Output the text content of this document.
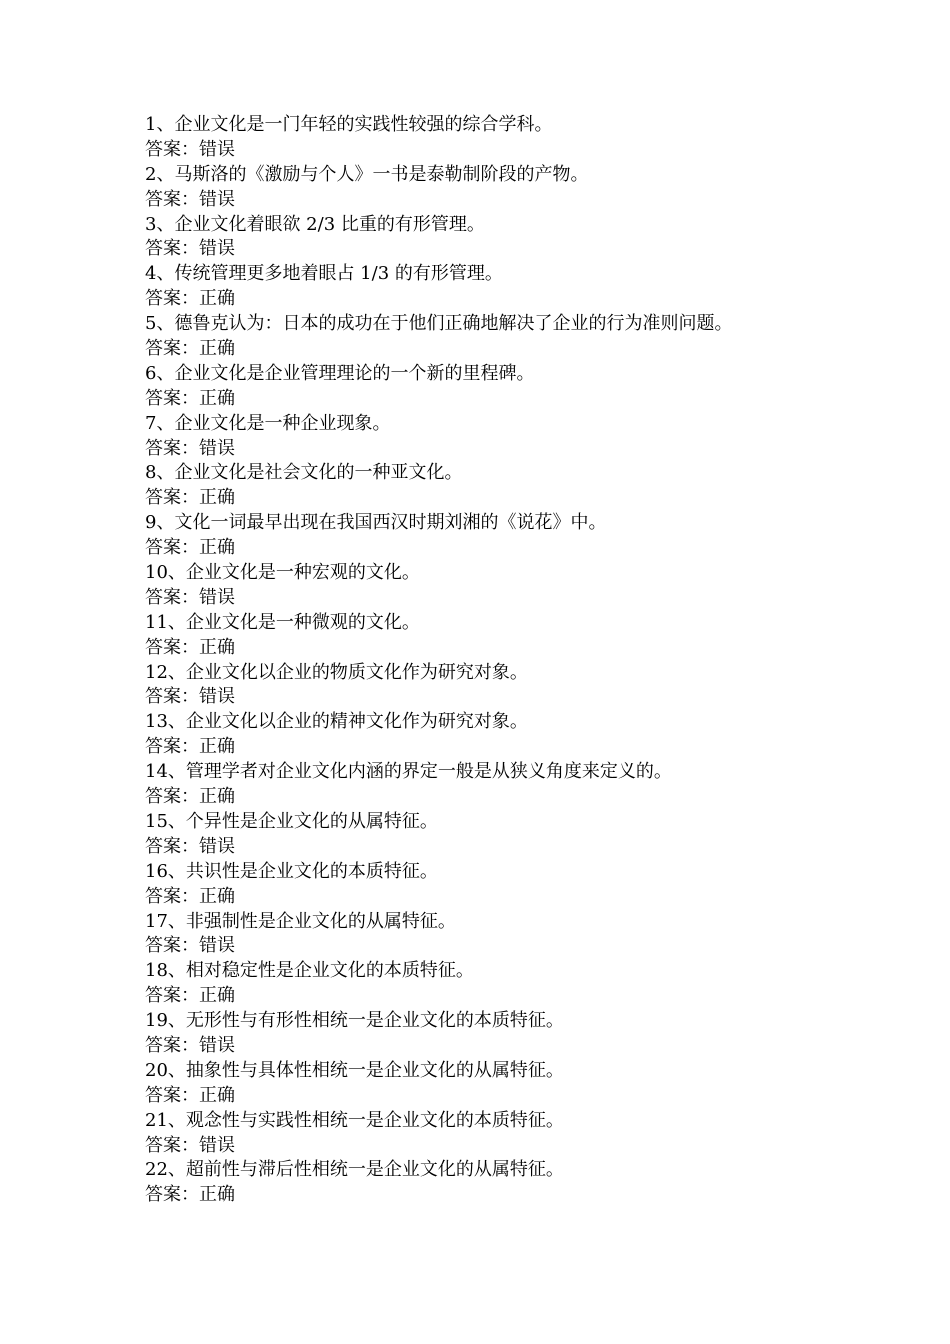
1、企业文化是一门年轻的实践性较强的综合学科。
答案：错误
2、马斯洛的《激励与个人》一书是泰勒制阶段的产物。
答案：错误
3、企业文化着眼欲 2/3 比重的有形管理。
答案：错误
4、传统管理更多地着眼占 1/3 的有形管理。
答案：正确
5、德鲁克认为：日本的成功在于他们正确地解决了企业的行为准则问题。
答案：正确
6、企业文化是企业管理理论的一个新的里程碑。
答案：正确
7、企业文化是一种企业现象。
答案：错误
8、企业文化是社会文化的一种亚文化。
答案：正确
9、文化一词最早出现在我国西汉时期刘湘的《说花》中。
答案：正确
10、企业文化是一种宏观的文化。
答案：错误
11、企业文化是一种微观的文化。
答案：正确
12、企业文化以企业的物质文化作为研究对象。
答案：错误
13、企业文化以企业的精神文化作为研究对象。
答案：正确
14、管理学者对企业文化内涵的界定一般是从狭义角度来定义的。
答案：正确
15、个异性是企业文化的从属特征。
答案：错误
16、共识性是企业文化的本质特征。
答案：正确
17、非强制性是企业文化的从属特征。
答案：错误
18、相对稳定性是企业文化的本质特征。
答案：正确
19、无形性与有形性相统一是企业文化的本质特征。
答案：错误
20、抽象性与具体性相统一是企业文化的从属特征。
答案：正确
21、观念性与实践性相统一是企业文化的本质特征。
答案：错误
22、超前性与滞后性相统一是企业文化的从属特征。
答案：正确
